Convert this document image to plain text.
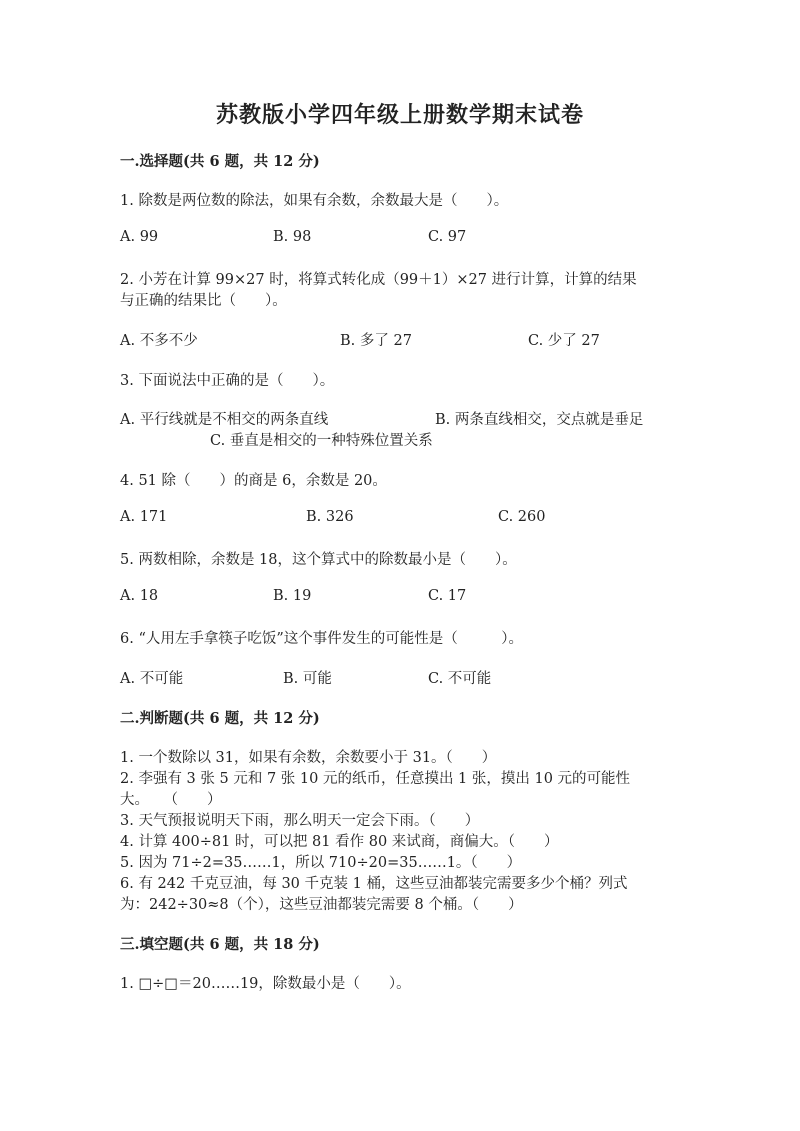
苏教版小学四年级上册数学期末试卷
一.选择题(共 6 题，共 12 分)
1. 除数是两位数的除法，如果有余数，余数最大是（　　）。
A. 99	B. 98	C. 97
2. 小芳在计算 99×27 时，将算式转化成（99＋1）×27 进行计算，计算的结果
与正确的结果比（　　）。
A. 不多不少	B. 多了 27	C. 少了 27
3. 下面说法中正确的是（　　）。
A. 平行线就是不相交的两条直线	B. 两条直线相交，交点就是垂足
C. 垂直是相交的一种特殊位置关系
4. 51 除（　　）的商是 6，余数是 20。
A. 171	B. 326	C. 260
5. 两数相除，余数是 18，这个算式中的除数最小是（　　）。
A. 18	B. 19	C. 17
6. “人用左手拿筷子吃饭”这个事件发生的可能性是（　　　）。
A. 不可能	B. 可能	C. 不可能
二.判断题(共 6 题，共 12 分)
1. 一个数除以 31，如果有余数，余数要小于 31。（　　）
2. 李强有 3 张 5 元和 7 张 10 元的纸币，任意摸出 1 张，摸出 10 元的可能性
大。　　（　　）
3. 天气预报说明天下雨，那么明天一定会下雨。（　　）
4. 计算 400÷81 时，可以把 81 看作 80 来试商，商偏大。（　　）
5. 因为 71÷2=35……1，所以 710÷20=35……1。（　　）
6. 有 242 千克豆油，每 30 千克装 1 桶，这些豆油都装完需要多少个桶？列式
为：242÷30≈8（个），这些豆油都装完需要 8 个桶。（　　）
三.填空题(共 6 题，共 18 分)
1. □÷□＝20……19，除数最小是（　　）。
